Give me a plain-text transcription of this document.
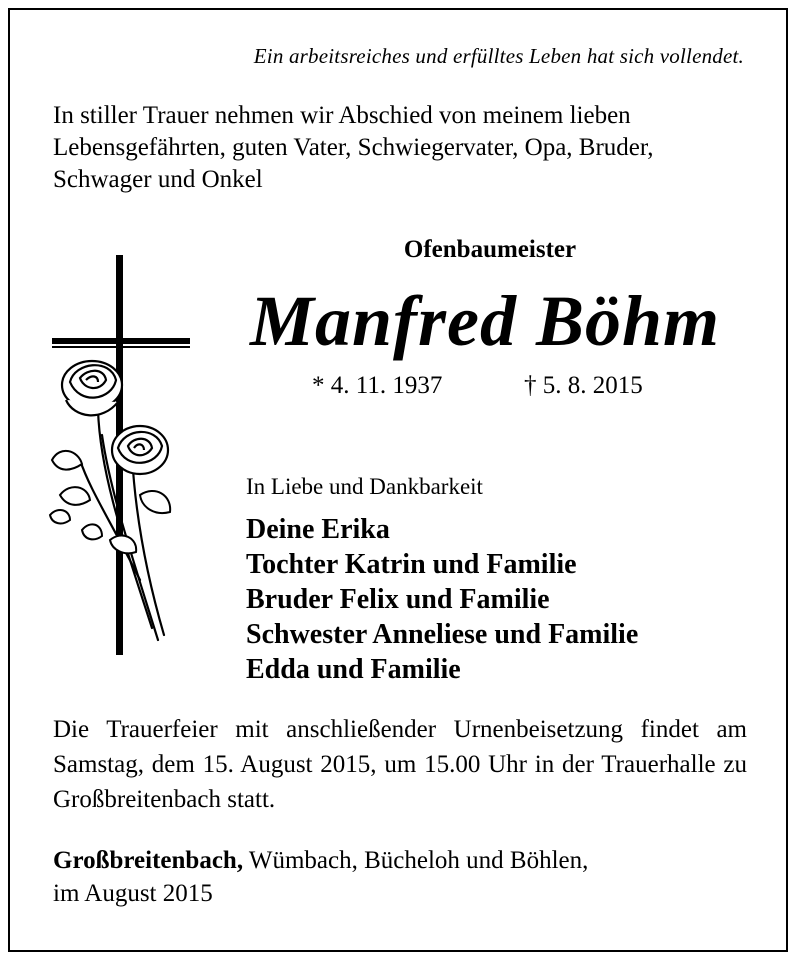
Ein arbeitsreiches und erfülltes Leben hat sich vollendet.
In stiller Trauer nehmen wir Abschied von meinem lieben Lebensgefährten, guten Vater, Schwiegervater, Opa, Bruder, Schwager und Onkel
Ofenbaumeister
Manfred Böhm
* 4. 11. 1937	† 5. 8. 2015
In Liebe und Dankbarkeit
Deine Erika
Tochter Katrin und Familie
Bruder Felix und Familie
Schwester Anneliese und Familie
Edda und Familie
Die Trauerfeier mit anschließender Urnenbeisetzung findet am Samstag, dem 15. August 2015, um 15.00 Uhr in der Trauerhalle zu Großbreitenbach statt.
Großbreitenbach, Wümbach, Bücheloh und Böhlen,
im August 2015
